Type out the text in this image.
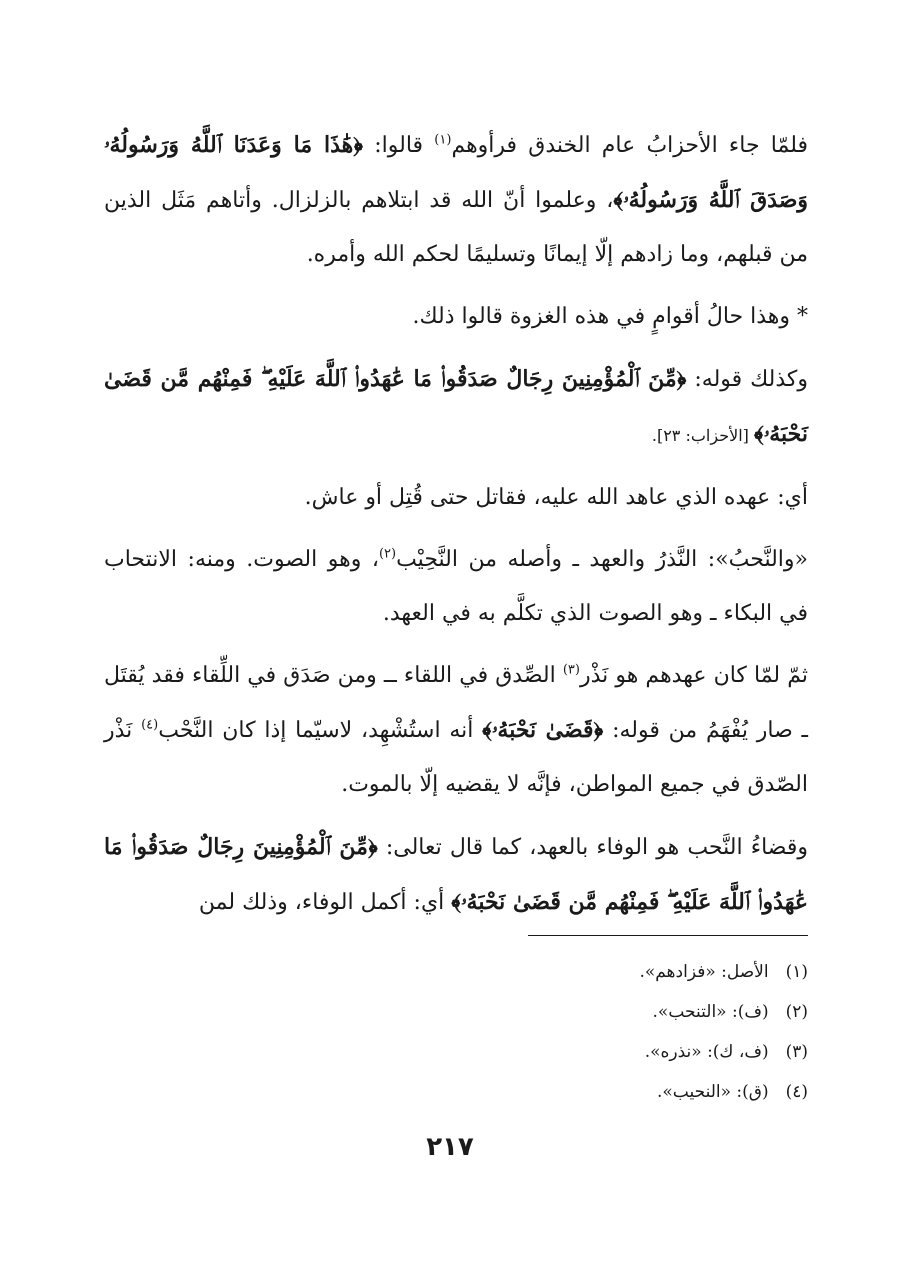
فلمّا جاء الأحزابُ عام الخندق فرأوهم$^{(١)}$ قالوا: ﴿هَٰذَا مَا وَعَدَنَا ٱللَّهُ وَرَسُولُهُۥ وَصَدَقَ ٱللَّهُ وَرَسُولُهُۥ﴾، وعلموا أنّ الله قد ابتلاهم بالزلزال. وأتاهم مَثَل الذين من قبلهم، وما زادهم إلّا إيمانًا وتسليمًا لحكم الله وأمره.

* وهذا حالُ أقوامٍ في هذه الغزوة قالوا ذلك.

وكذلك قوله: ﴿مِّنَ ٱلْمُؤْمِنِينَ رِجَالٌ صَدَقُوا۟ مَا عَٰهَدُوا۟ ٱللَّهَ عَلَيْهِ ۖ فَمِنْهُم مَّن قَضَىٰ نَحْبَهُۥ﴾ [الأحزاب: ٢٣].

أي: عهده الذي عاهد الله عليه، فقاتل حتى قُتِل أو عاش.

«والنَّحبُ»: النَّذرُ والعهد ـ وأصله من النَّحِيْب$^{(٢)}$، وهو الصوت. ومنه: الانتحاب في البكاء ـ وهو الصوت الذي تكلَّم به في العهد.

ثمّ لمّا كان عهدهم هو نَذْر$^{(٣)}$ الصِّدق في اللقاء ــ ومن صَدَق في اللِّقاء فقد يُقتَل ـ صار يُفْهَمُ من قوله: ﴿قَضَىٰ نَحْبَهُۥ﴾ أنه استُشْهِد، لاسيّما إذا كان النَّحْب$^{(٤)}$ نَذْر الصّدق في جميع المواطن، فإنَّه لا يقضيه إلّا بالموت.

وقضاءُ النَّحب هو الوفاء بالعهد، كما قال تعالى: ﴿مِّنَ ٱلْمُؤْمِنِينَ رِجَالٌ صَدَقُوا۟ مَا عَٰهَدُوا۟ ٱللَّهَ عَلَيْهِ ۖ فَمِنْهُم مَّن قَضَىٰ نَحْبَهُۥ﴾ أي: أكمل الوفاء، وذلك لمن

(١) الأصل: «فزادهم».

(٢) (ف): «التنحب».

(٣) (ف، ك): «نذره».

(٤) (ق): «النحيب».

٢١٧
